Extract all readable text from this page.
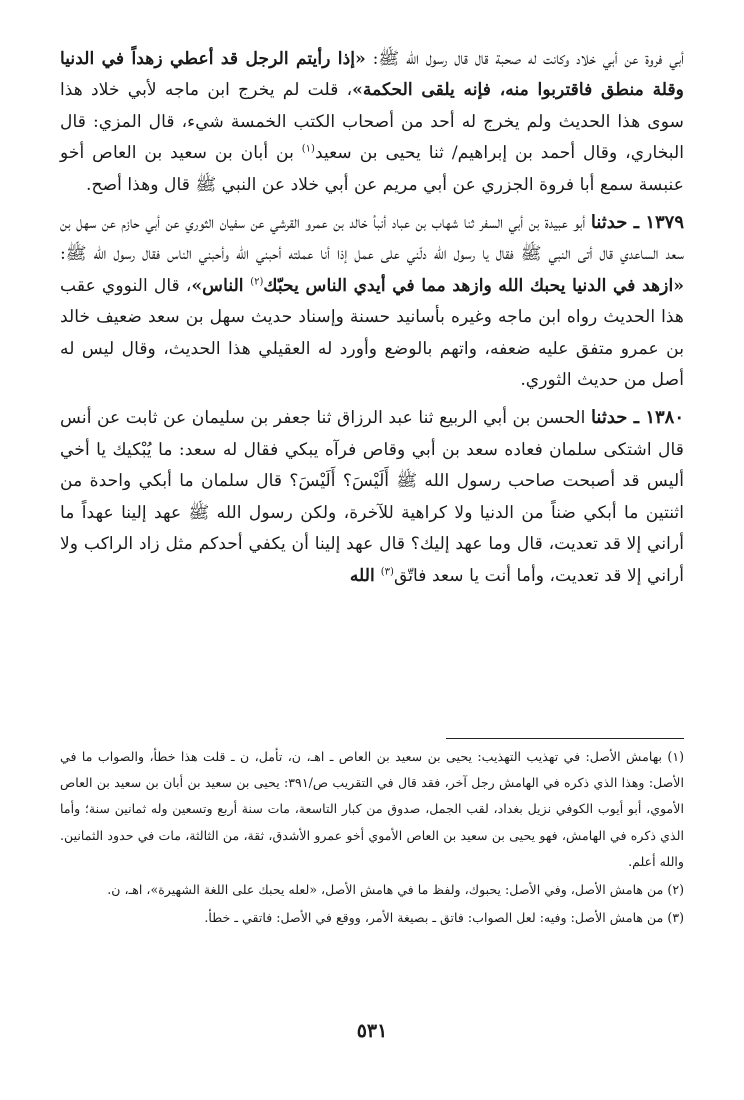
أبي فروة عن أبي خلاد وكانت له صحبة قال قال رسول الله ﷺ: «إذا رأيتم الرجل قد أعطي زهداً في الدنيا وقلة منطق فاقتربوا منه، فإنه يلقى الحكمة»، قلت لم يخرج ابن ماجه لأبي خلاد هذا سوى هذا الحديث ولم يخرج له أحد من أصحاب الكتب الخمسة شيء، قال المزي: قال البخاري، وقال أحمد بن إبراهيم/ ثنا يحيى بن سعيد$^{(١)}$ بن أبان بن سعيد بن العاص أخو عنبسة سمع أبا فروة الجزري عن أبي مريم عن أبي خلاد عن النبي ﷺ قال وهذا أصح.

١٣٧٩ ـ حدثنا أبو عبيدة بن أبي السفر ثنا شهاب بن عباد أنبأ خالد بن عمرو القرشي عن سفيان الثوري عن أبي حازم عن سهل بن سعد الساعدي قال أتى النبي ﷺ فقال يا رسول الله دلّني على عمل إذا أنا عملته أحبني الله وأحبني الناس فقال رسول الله ﷺ: «ازهد في الدنيا يحبك الله وازهد مما في أيدي الناس يحبّك$^{(٢)}$ الناس»، قال النووي عقب هذا الحديث رواه ابن ماجه وغيره بأسانيد حسنة وإسناد حديث سهل بن سعد ضعيف خالد بن عمرو متفق عليه ضعفه، واتهم بالوضع وأورد له العقيلي هذا الحديث، وقال ليس له أصل من حديث الثوري.

١٣٨٠ ـ حدثنا الحسن بن أبي الربيع ثنا عبد الرزاق ثنا جعفر بن سليمان عن ثابت عن أنس قال اشتكى سلمان فعاده سعد بن أبي وقاص فرآه يبكي فقال له سعد: ما يُبْكيك يا أخي أليس قد أصبحت صاحب رسول الله ﷺ أَلَيْسَ؟ أَلَيْسَ؟ قال سلمان ما أبكي واحدة من اثنتين ما أبكي ضناً من الدنيا ولا كراهية للآخرة، ولكن رسول الله ﷺ عهد إلينا عهداً ما أراني إلا قد تعديت، قال وما عهد إليك؟ قال عهد إلينا أن يكفي أحدكم مثل زاد الراكب ولا أراني إلا قد تعديت، وأما أنت يا سعد فاتّق$^{(٣)}$ الله

(١) بهامش الأصل: في تهذيب التهذيب: يحيى بن سعيد بن العاص ـ اهـ، ن، تأمل، ن ـ قلت هذا خطأ، والصواب ما في الأصل: وهذا الذي ذكره في الهامش رجل آخر، فقد قال في التقريب ص/٣٩١: يحيى بن سعيد بن أبان بن سعيد بن العاص الأموي، أبو أيوب الكوفي نزيل بغداد، لقب الجمل، صدوق من كبار التاسعة، مات سنة أربع وتسعين وله ثمانين سنة؛ وأما الذي ذكره في الهامش، فهو يحيى بن سعيد بن العاص الأموي أخو عمرو الأشدق، ثقة، من الثالثة، مات في حدود الثمانين. والله أعلم.

(٢) من هامش الأصل، وفي الأصل: يحبوك، ولفظ ما في هامش الأصل، «لعله يحبك على اللغة الشهيرة»، اهـ، ن.

(٣) من هامش الأصل: وفيه: لعل الصواب: فاتق ـ بصيغة الأمر، ووقع في الأصل: فاتقي ـ خطأ.

٥٣١
